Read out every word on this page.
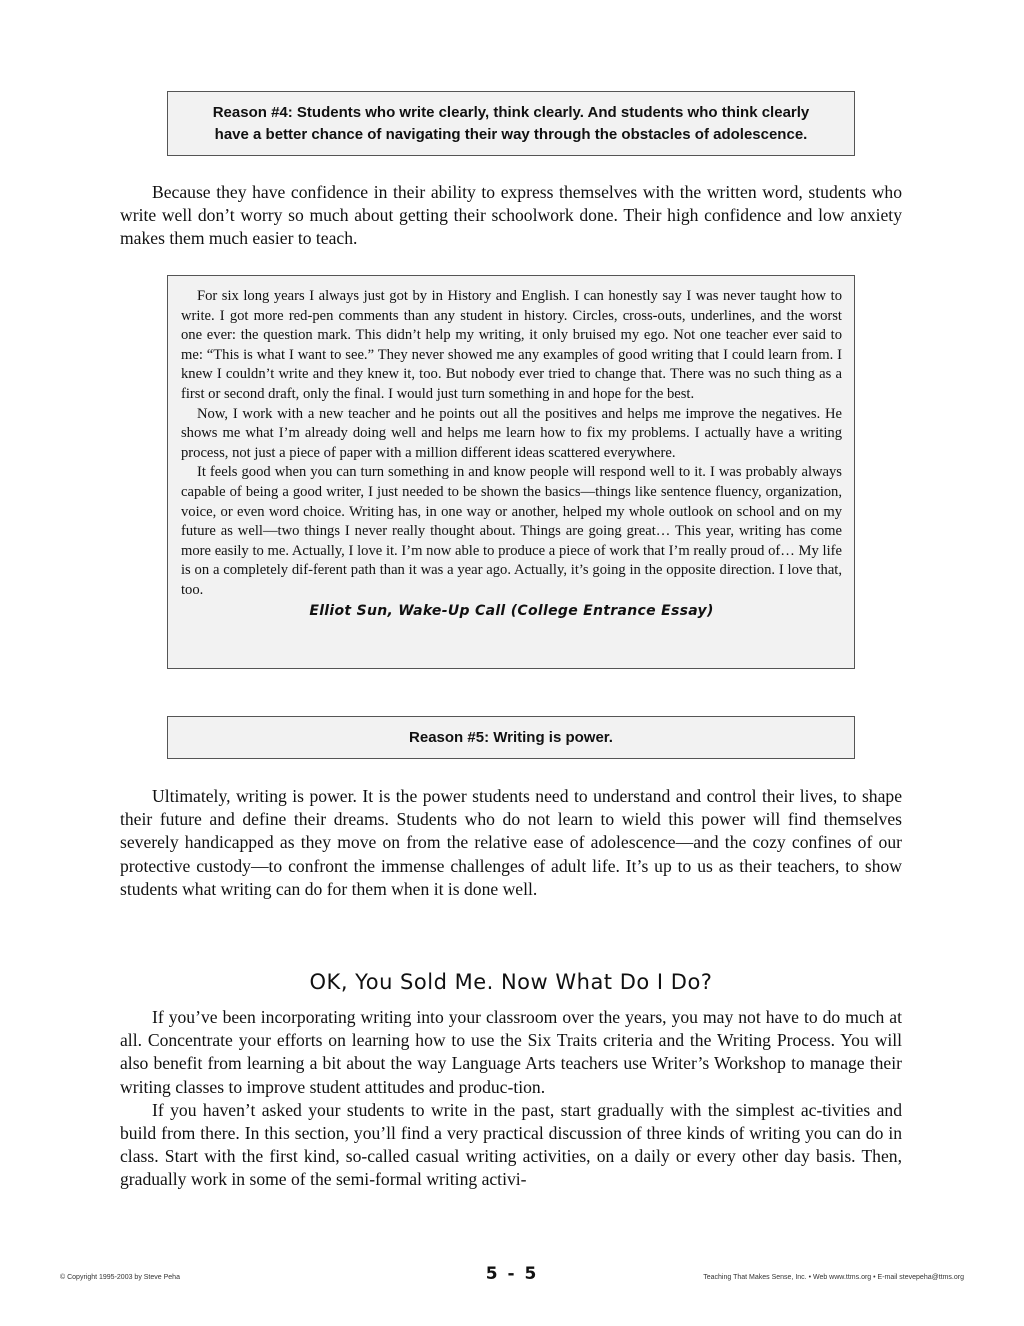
Reason #4: Students who write clearly, think clearly. And students who think clearly
have a better chance of navigating their way through the obstacles of adolescence.

Because they have confidence in their ability to express themselves with the written word, students who write well don’t worry so much about getting their schoolwork done. Their high confidence and low anxiety makes them much easier to teach.

For six long years I always just got by in History and English. I can honestly say I was never taught how to write. I got more red-pen comments than any student in history. Circles, cross-outs, underlines, and the worst one ever: the question mark. This didn’t help my writing, it only bruised my ego. Not one teacher ever said to me: “This is what I want to see.” They never showed me any examples of good writing that I could learn from. I knew I couldn’t write and they knew it, too. But nobody ever tried to change that. There was no such thing as a first or second draft, only the final. I would just turn something in and hope for the best.

Now, I work with a new teacher and he points out all the positives and helps me improve the negatives. He shows me what I’m already doing well and helps me learn how to fix my problems. I actually have a writing process, not just a piece of paper with a million different ideas scattered everywhere.

It feels good when you can turn something in and know people will respond well to it. I was probably always capable of being a good writer, I just needed to be shown the basics—things like sentence fluency, organization, voice, or even word choice. Writing has, in one way or another, helped my whole outlook on school and on my future as well—two things I never really thought about. Things are going great… This year, writing has come more easily to me. Actually, I love it. I’m now able to produce a piece of work that I’m really proud of… My life is on a completely dif-ferent path than it was a year ago. Actually, it’s going in the opposite direction. I love that, too.

Elliot Sun, Wake-Up Call (College Entrance Essay)
Reason #5: Writing is power.

Ultimately, writing is power. It is the power students need to understand and control their lives, to shape their future and define their dreams. Students who do not learn to wield this power will find themselves severely handicapped as they move on from the relative ease of adolescence—and the cozy confines of our protective custody—to confront the immense challenges of adult life. It’s up to us as their teachers, to show students what writing can do for them when it is done well.

OK, You Sold Me. Now What Do I Do?

If you’ve been incorporating writing into your classroom over the years, you may not have to do much at all. Concentrate your efforts on learning how to use the Six Traits criteria and the Writing Process. You will also benefit from learning a bit about the way Language Arts teachers use Writer’s Workshop to manage their writing classes to improve student attitudes and produc-tion.

If you haven’t asked your students to write in the past, start gradually with the simplest ac-tivities and build from there. In this section, you’ll find a very practical discussion of three kinds of writing you can do in class. Start with the first kind, so-called casual writing activities, on a daily or every other day basis. Then, gradually work in some of the semi-formal writing activi-

© Copyright 1995-2003 by Steve Peha	5 - 5	Teaching That Makes Sense, Inc. • Web www.ttms.org • E-mail stevepeha@ttms.org
